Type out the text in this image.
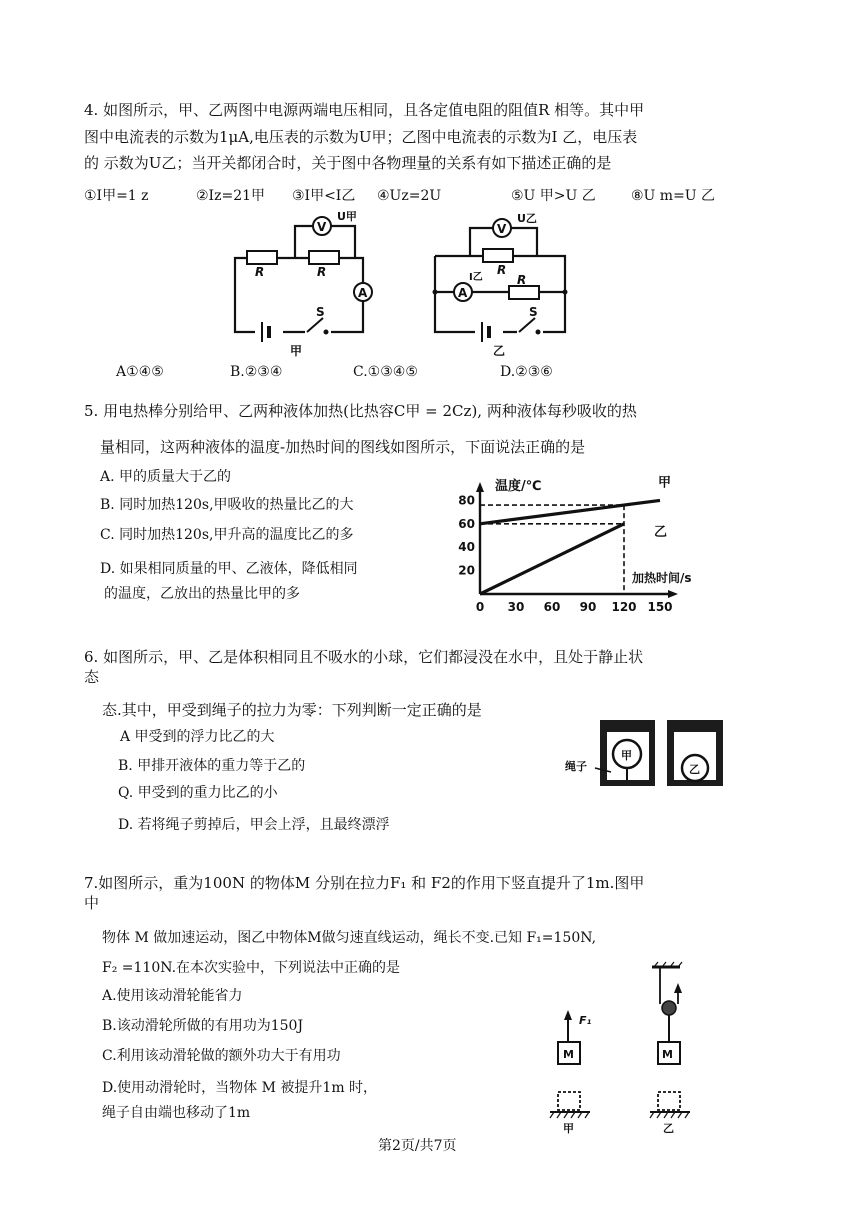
4. 如图所示，甲、乙两图中电源两端电压相同，且各定值电阻的阻值R 相等。其中甲
图中电流表的示数为1μA,电压表的示数为U甲；乙图中电流表的示数为I 乙，电压表
的 示数为U乙；当开关都闭合时，关于图中各物理量的关系有如下描述正确的是
①I甲=1 z	②Iz=21甲 ③I甲<I乙 ④Uz=2U	⑤U 甲>U 乙	⑧U m=U 乙
R	R
V
A
U甲
S
甲
R
R
V
A
U乙
I乙
S
乙
A①④⑤	B.②③④	C.①③④⑤	D.②③⑥
5. 用电热棒分别给甲、乙两种液体加热(比热容C甲 = 2Cz), 两种液体每秒吸收的热
量相同，这两种液体的温度-加热时间的图线如图所示，下面说法正确的是
A. 甲的质量大于乙的
B. 同时加热120s,甲吸收的热量比乙的大
C. 同时加热120s,甲升高的温度比乙的多
D. 如果相同质量的甲、乙液体，降低相同
的温度，乙放出的热量比甲的多
温度/℃
加热时间/s
0 30 60 90 120 150
20
40
60
80
甲
乙
6. 如图所示，甲、乙是体积相同且不吸水的小球，它们都浸没在水中，且处于静止状
态
态.其中，甲受到绳子的拉力为零：下列判断一定正确的是
A 甲受到的浮力比乙的大
B. 甲排开液体的重力等于乙的
Q. 甲受到的重力比乙的小
D. 若将绳子剪掉后，甲会上浮，且最终漂浮
绳子
甲
乙
7.如图所示，重为100N 的物体M 分别在拉力F₁ 和 F2的作用下竖直提升了1m.图甲
中
物体 M 做加速运动，图乙中物体M做匀速直线运动，绳长不变.已知 F₁=150N,
F₂ =110N.在本次实验中，下列说法中正确的是
A.使用该动滑轮能省力
B.该动滑轮所做的有用功为150J
C.利用该动滑轮做的额外功大于有用功
D.使用动滑轮时，当物体 M 被提升1m 时，
绳子自由端也移动了1m
F₁
M
甲
M
乙
第2页/共7页
